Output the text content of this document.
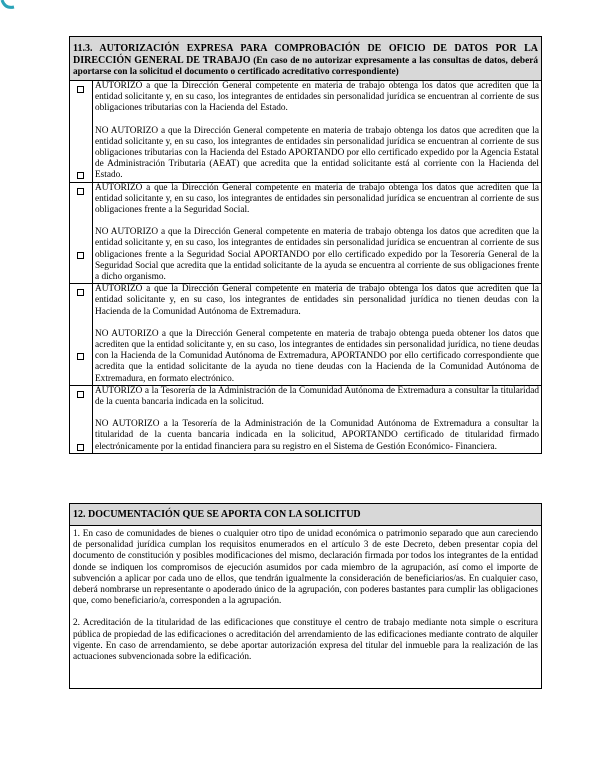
11.3. AUTORIZACIÓN EXPRESA PARA COMPROBACIÓN DE OFICIO DE DATOS POR LA DIRECCIÓN GENERAL DE TRABAJO (En caso de no autorizar expresamente a las consultas de datos, deberá aportarse con la solicitud el documento o certificado acreditativo correspondiente)

AUTORIZO a que la Dirección General competente en materia de trabajo obtenga los datos que acrediten que la entidad solicitante y, en su caso, los integrantes de entidades sin personalidad jurídica se encuentran al corriente de sus obligaciones tributarias con la Hacienda del Estado.

NO AUTORIZO a que la Dirección General competente en materia de trabajo obtenga los datos que acrediten que la entidad solicitante y, en su caso, los integrantes de entidades sin personalidad jurídica se encuentran al corriente de sus obligaciones tributarias con la Hacienda del Estado APORTANDO por ello certificado expedido por la Agencia Estatal de Administración Tributaria (AEAT) que acredita que la entidad solicitante está al corriente con la Hacienda del Estado.

AUTORIZO a que la Dirección General competente en materia de trabajo obtenga los datos que acrediten que la entidad solicitante y, en su caso, los integrantes de entidades sin personalidad jurídica se encuentran al corriente de sus obligaciones frente a la Seguridad Social.

NO AUTORIZO a que la Dirección General competente en materia de trabajo obtenga los datos que acrediten que la entidad solicitante y, en su caso, los integrantes de entidades sin personalidad jurídica se encuentran al corriente de sus obligaciones frente a la Seguridad Social APORTANDO por ello certificado expedido por la Tesorería General de la Seguridad Social que acredita que la entidad solicitante de la ayuda se encuentra al corriente de sus obligaciones frente a dicho organismo.

AUTORIZO a que la Dirección General competente en materia de trabajo obtenga los datos que acrediten que la entidad solicitante y, en su caso, los integrantes de entidades sin personalidad jurídica no tienen deudas con la Hacienda de la Comunidad Autónoma de Extremadura.

NO AUTORIZO a que la Dirección General competente en materia de trabajo obtenga pueda obtener los datos que acrediten que la entidad solicitante y, en su caso, los integrantes de entidades sin personalidad jurídica, no tiene deudas con la Hacienda de la Comunidad Autónoma de Extremadura, APORTANDO por ello certificado correspondiente que acredita que la entidad solicitante de la ayuda no tiene deudas con la Hacienda de la Comunidad Autónoma de Extremadura, en formato electrónico.

AUTORIZO a la Tesorería de la Administración de la Comunidad Autónoma de Extremadura a consultar la titularidad de la cuenta bancaria indicada en la solicitud.

NO AUTORIZO a la Tesorería de la Administración de la Comunidad Autónoma de Extremadura a consultar la titularidad de la cuenta bancaria indicada en la solicitud, APORTANDO certificado de titularidad firmado electrónicamente por la entidad financiera para su registro en el Sistema de Gestión Económico- Financiera.

12. DOCUMENTACIÓN QUE SE APORTA CON LA SOLICITUD

1. En caso de comunidades de bienes o cualquier otro tipo de unidad económica o patrimonio separado que aun careciendo de personalidad jurídica cumplan los requisitos enumerados en el artículo 3 de este Decreto, deben presentar copia del documento de constitución y posibles modificaciones del mismo, declaración firmada por todos los integrantes de la entidad donde se indiquen los compromisos de ejecución asumidos por cada miembro de la agrupación, así como el importe de subvención a aplicar por cada uno de ellos, que tendrán igualmente la consideración de beneficiarios/as. En cualquier caso, deberá nombrarse un representante o apoderado único de la agrupación, con poderes bastantes para cumplir las obligaciones que, como beneficiario/a, corresponden a la agrupación.

2. Acreditación de la titularidad de las edificaciones que constituye el centro de trabajo mediante nota simple o escritura pública de propiedad de las edificaciones o acreditación del arrendamiento de las edificaciones mediante contrato de alquiler vigente. En caso de arrendamiento, se debe aportar autorización expresa del titular del inmueble para la realización de las actuaciones subvencionada sobre la edificación.
